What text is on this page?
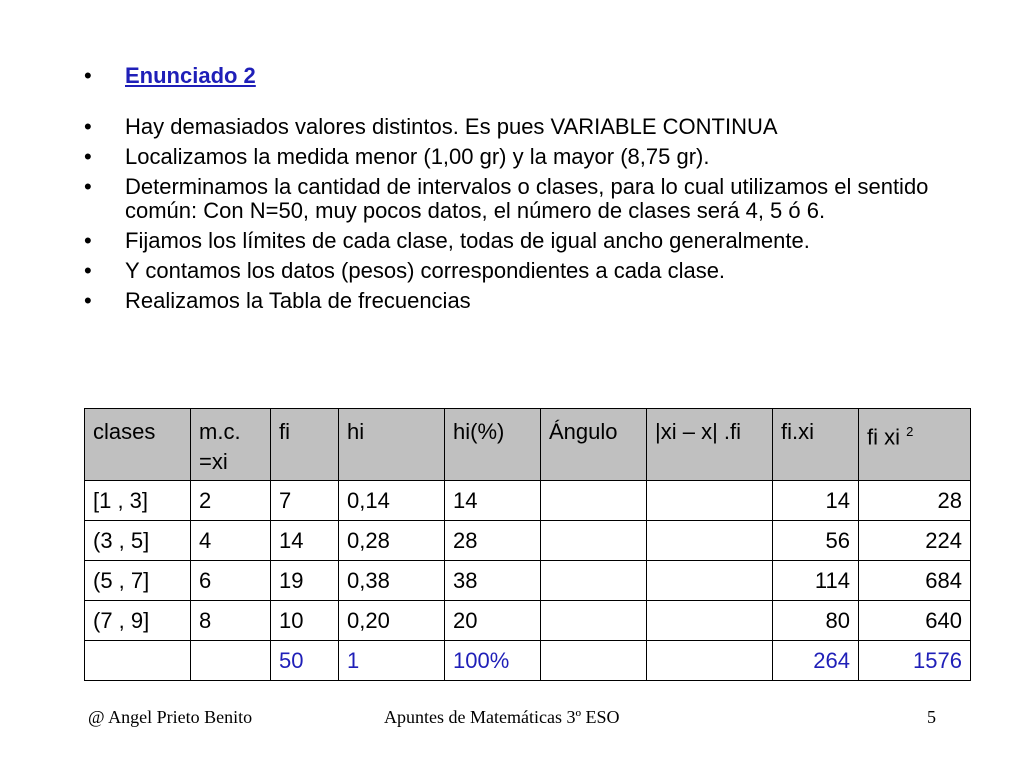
•	Enunciado 2
•	Hay demasiados valores distintos. Es pues VARIABLE CONTINUA
•	Localizamos la medida menor (1,00 gr) y la mayor (8,75 gr).
•	Determinamos la cantidad de intervalos o clases, para lo cual utilizamos el sentido común: Con N=50, muy pocos datos, el número de clases será 4, 5 ó 6.
•	Fijamos los límites de cada clase, todas de igual ancho generalmente.
•	Y contamos los datos (pesos) correspondientes a cada clase.
•	Realizamos la Tabla de frecuencias
clases	m.c. =xi	fi	hi	hi(%)	Ángulo	|xi – x| .fi	fi.xi	fi xi $^2$
[1 , 3]	2	7	0,14	14			14	28
(3 , 5]	4	14	0,28	28			56	224
(5 , 7]	6	19	0,38	38			114	684
(7 , 9]	8	10	0,20	20			80	640
		50	1	100%			264	1576
@ Angel Prieto Benito	Apuntes de Matemáticas 3º ESO	5
